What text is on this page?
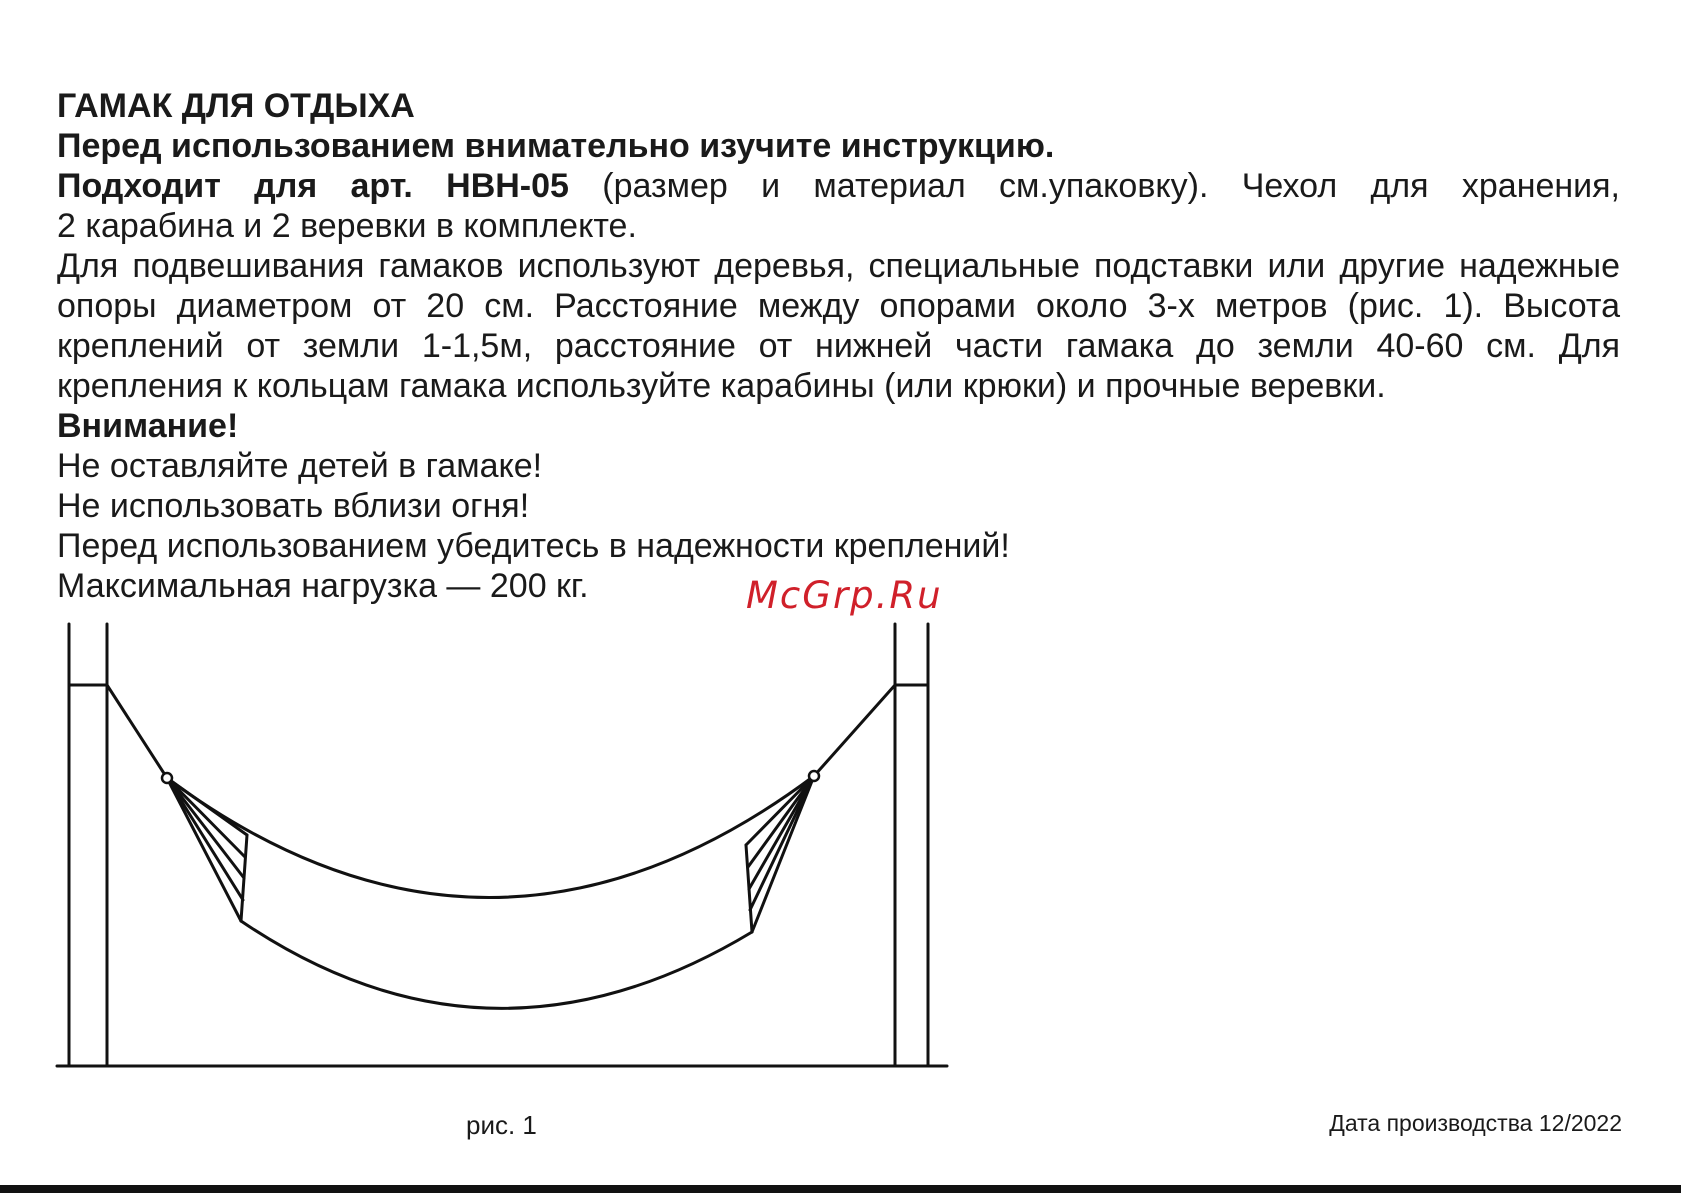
ГАМАК ДЛЯ ОТДЫХА
Перед использованием внимательно изучите инструкцию.
Подходит для арт. НВН-05 (размер и материал см.упаковку). Чехол для хранения,
2 карабина и 2 веревки в комплекте.
Для подвешивания гамаков используют деревья, специальные подставки или другие надежные опоры диаметром от 20 см. Расстояние между опорами около 3-х метров (рис. 1). Высота креплений от земли 1-1,5м, расстояние от нижней части гамака до земли 40-60 см. Для крепления к кольцам гамака используйте карабины (или крюки) и прочные веревки.
Внимание!
Не оставляйте детей в гамаке!
Не использовать вблизи огня!
Перед использованием убедитесь в надежности креплений!
Максимальная нагрузка — 200 кг.	McGrp.Ru
рис. 1	Дата производства 12/2022
